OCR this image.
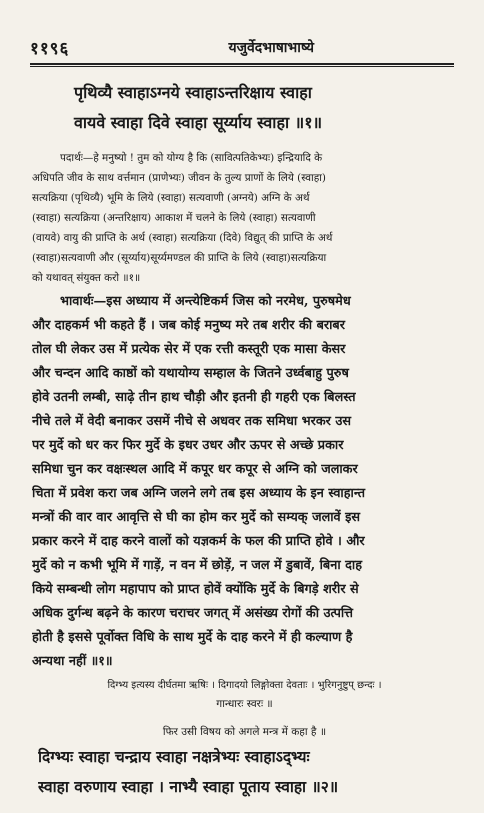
११९६	यजुर्वेदभाषाभाष्ये
पृथिव्यै स्वाहाऽग्नये स्वाहाऽन्तरिक्षाय स्वाहा
वायवे स्वाहा दिवे स्वाहा सूर्य्याय स्वाहा ॥१॥
पदार्थः—हे मनुष्यो ! तुम को योग्य है कि (सावित्पतिकेभ्यः) इन्द्रियादि के
अधिपति जीव के साथ वर्त्तमान (प्राणेभ्यः) जीवन के तुल्य प्राणों के लिये (स्वाहा)
सत्यक्रिया (पृथिव्यै) भूमि के लिये (स्वाहा) सत्यवाणी (अग्नये) अग्नि के अर्थ
(स्वाहा) सत्यक्रिया (अन्तरिक्षाय) आकाश में चलने के लिये (स्वाहा) सत्यवाणी
(वायवे) वायु की प्राप्ति के अर्थ (स्वाहा) सत्यक्रिया (दिवे) विद्युत् की प्राप्ति के अर्थ
(स्वाहा)सत्यवाणी और (सूर्य्याय)सूर्य्यमण्डल की प्राप्ति के लिये (स्वाहा)सत्यक्रिया
को यथावत् संयुक्त करो ॥१॥
भावार्थः—इस अध्याय में अन्त्येष्टिकर्म जिस को नरमेध, पुरुषमेध
और दाहकर्म भी कहते हैं । जब कोई मनुष्य मरे तब शरीर की बराबर
तोल घी लेकर उस में प्रत्येक सेर में एक रत्ती कस्तूरी एक मासा केसर
और चन्दन आदि काष्ठों को यथायोग्य सम्हाल के जितने उर्ध्वबाहु पुरुष
होवे उतनी लम्बी, साढ़े तीन हाथ चौड़ी और इतनी ही गहरी एक बिलस्त
नीचे तले में वेदी बनाकर उसमें नीचे से अधवर तक समिधा भरकर उस
पर मुर्दे को धर कर फिर मुर्दे के इधर उधर और ऊपर से अच्छे प्रकार
समिधा चुन कर वक्षःस्थल आदि में कपूर धर कपूर से अग्नि को जलाकर
चिता में प्रवेश करा जब अग्नि जलने लगे तब इस अध्याय के इन स्वाहान्त
मन्त्रों की वार वार आवृत्ति से घी का होम कर मुर्दे को सम्यक् जलावें इस
प्रकार करने में दाह करने वालों को यज्ञकर्म के फल की प्राप्ति होवे । और
मुर्दे को न कभी भूमि में गाड़ें, न वन में छोड़ें, न जल में डुबावें, बिना दाह
किये सम्बन्धी लोग महापाप को प्राप्त होवें क्योंकि मुर्दे के बिगड़े शरीर से
अधिक दुर्गन्ध बढ़ने के कारण चराचर जगत् में असंख्य रोगों की उत्पत्ति
होती है इससे पूर्वोक्त विधि के साथ मुर्दे के दाह करने में ही कल्याण है
अन्यथा नहीं ॥१॥
दिग्भ्य इत्यस्य दीर्घतमा ऋषिः । दिगादयो लिङ्गोक्ता देवताः । भुरिगनुष्टुप् छन्दः ।
गान्धारः स्वरः ॥
फिर उसी विषय को अगले मन्त्र में कहा है ॥
दिग्भ्यः स्वाहा चन्द्राय स्वाहा नक्षत्रेभ्यः स्वाहाऽद्भ्यः
स्वाहा वरुणाय स्वाहा । नाभ्यै स्वाहा पूताय स्वाहा ॥२॥
